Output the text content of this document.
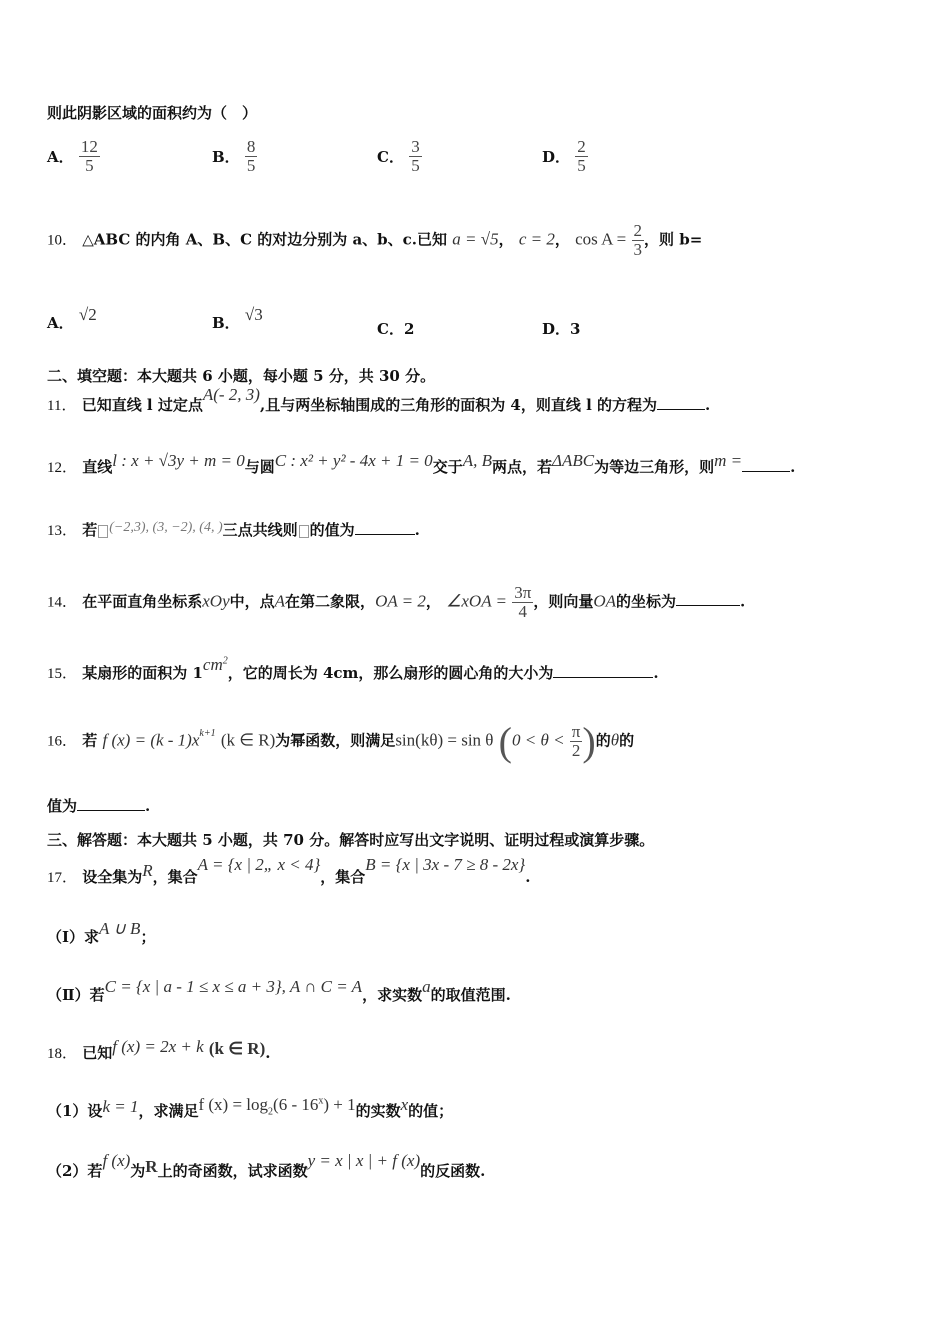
则此阴影区域的面积约为（　）
A． $\frac{12}{5}$	B． $\frac{8}{5}$	C． $\frac{3}{5}$	D． $\frac{2}{5}$
10． △ABC 的内角 A、B、C 的对边分别为 a、b、c.已知 a = √5， c = 2， $\cos A = \frac{2}{3}$ ，则 b=
A． √2	B． √3
C．2	D．3
二、填空题：本大题共 6 小题，每小题 5 分，共 30 分。
11． 已知直线 l 过定点A(- 2, 3),且与两坐标轴围成的三角形的面积为 4，则直线 l 的方程为	.
12． 直线l : x + √3y + m = 0与圆C : x² + y² - 4x + 1 = 0交于A, B两点，若ΔABC为等边三角形，则m =	.
13． 若 (−2,3), (3, −2), (4, )三点共线则 的值为	.
14． 在平面直角坐标系xOy中，点A在第二象限，OA = 2， ∠xOA = $\frac{3\pi}{4}$ ，则向量OA的坐标为	.
15． 某扇形的面积为 $1cm^2$，它的周长为 4cm，那么扇形的圆心角的大小为	.
16． 若 f $(x) = (k - 1)x^{k+1}$ (k ∈ R)为幂函数，则满足sin(kθ) = sin θ ($0 < \theta < \frac{\pi}{2}$ )的θ的
值为	.
三、解答题：本大题共 5 小题，共 70 分。解答时应写出文字说明、证明过程或演算步骤。
17． 设全集为R，集合A = {x | 2„ x < 4}，集合B = {x | 3x - 7 ≥ 8 - 2x}.
（Ⅰ）求A ∪ B；
（Ⅱ）若C = {x | a - 1 ≤ x ≤ a + 3}, A ∩ C = A，求实数a的取值范围.
18． 已知f (x) = 2x + k (k ∈ R).
（1）设k = 1，求满足f $(x) = \log_2(6 - 16^x) + 1$的实数x的值；
（2）若f (x)为R上的奇函数，试求函数y = x | x | + f (x)的反函数.
